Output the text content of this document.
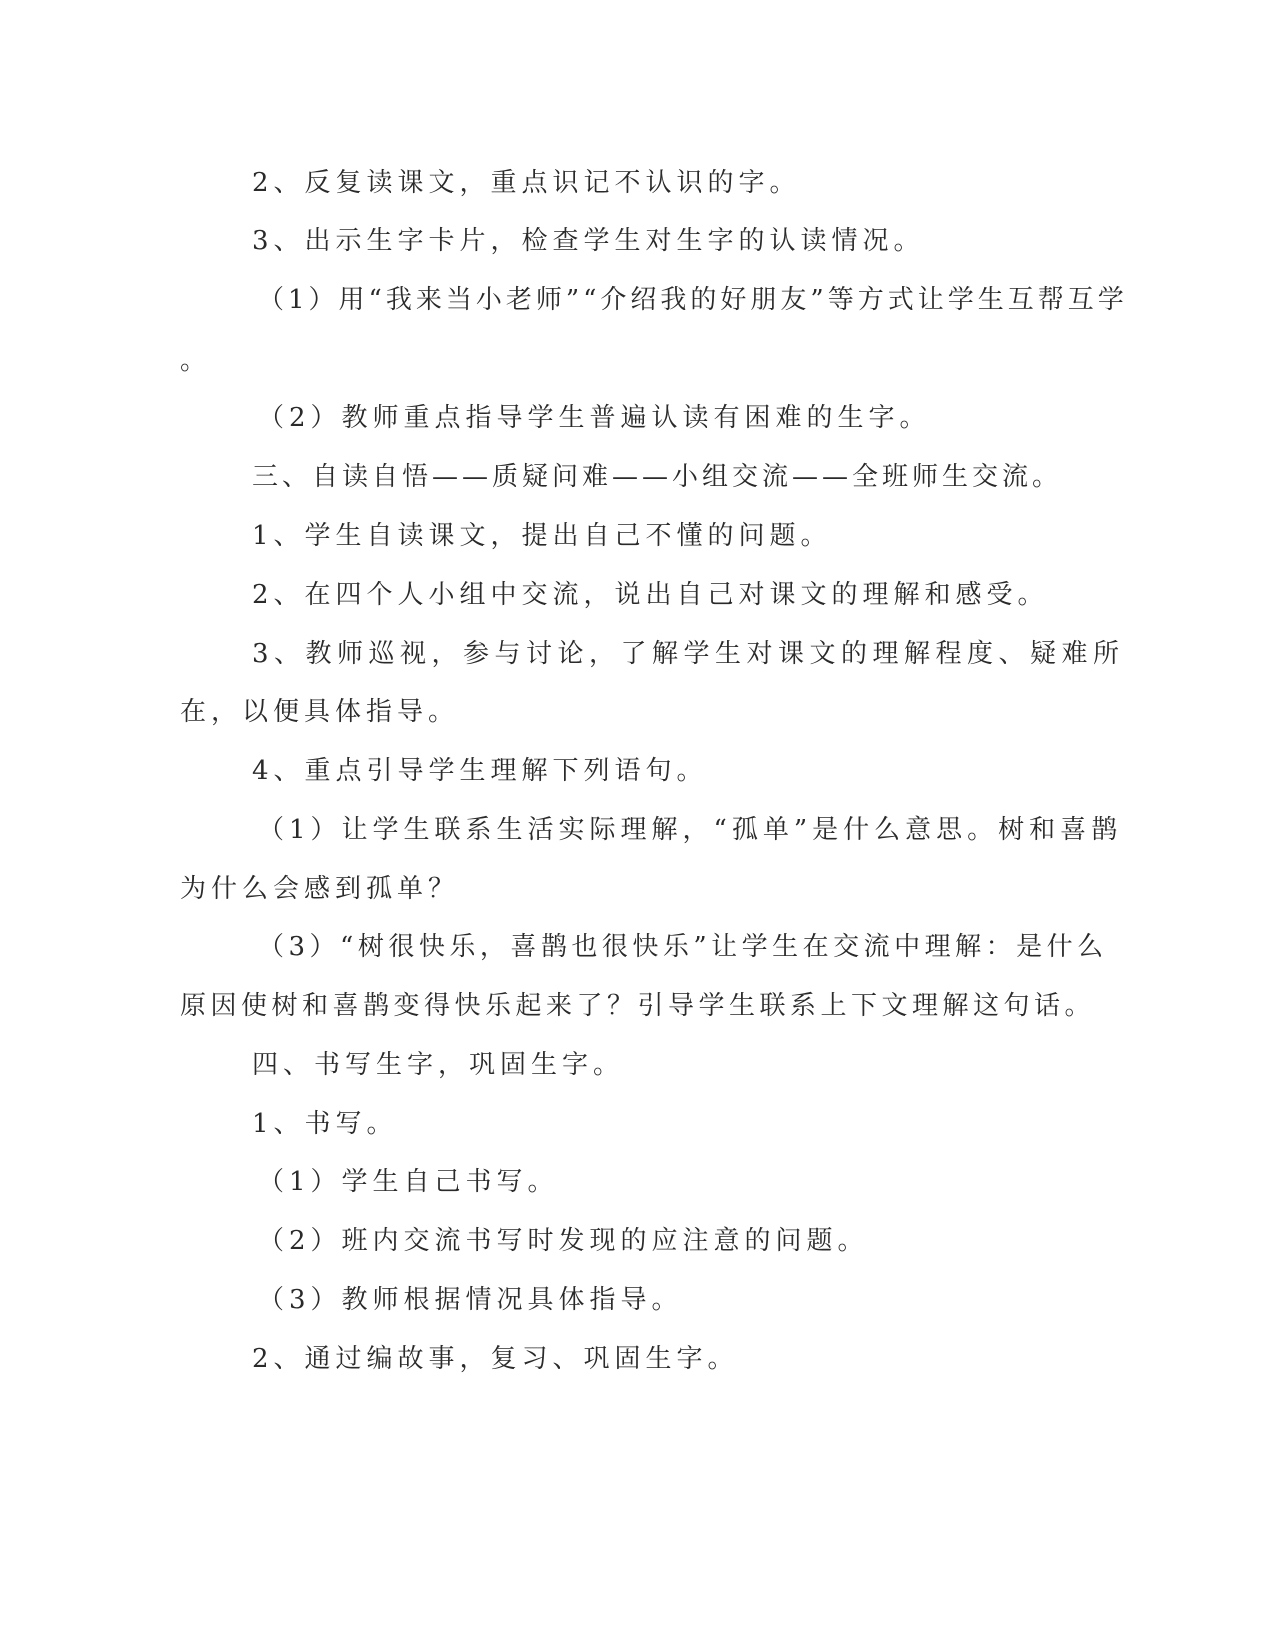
2、反复读课文，重点识记不认识的字。

3、出示生字卡片，检查学生对生字的认读情况。

（1）用“我来当小老师”“介绍我的好朋友”等方式让学生互帮互学

。

（2）教师重点指导学生普遍认读有困难的生字。

三、自读自悟——质疑问难——小组交流——全班师生交流。

1、学生自读课文，提出自己不懂的问题。

2、在四个人小组中交流，说出自己对课文的理解和感受。

3、教师巡视，参与讨论，了解学生对课文的理解程度、疑难所

在，以便具体指导。

4、重点引导学生理解下列语句。

（1）让学生联系生活实际理解，“孤单”是什么意思。树和喜鹊

为什么会感到孤单？

（3）“树很快乐，喜鹊也很快乐”让学生在交流中理解：是什么

原因使树和喜鹊变得快乐起来了？引导学生联系上下文理解这句话。

四、书写生字，巩固生字。

1、书写。

（1）学生自己书写。

（2）班内交流书写时发现的应注意的问题。

（3）教师根据情况具体指导。

2、通过编故事，复习、巩固生字。
